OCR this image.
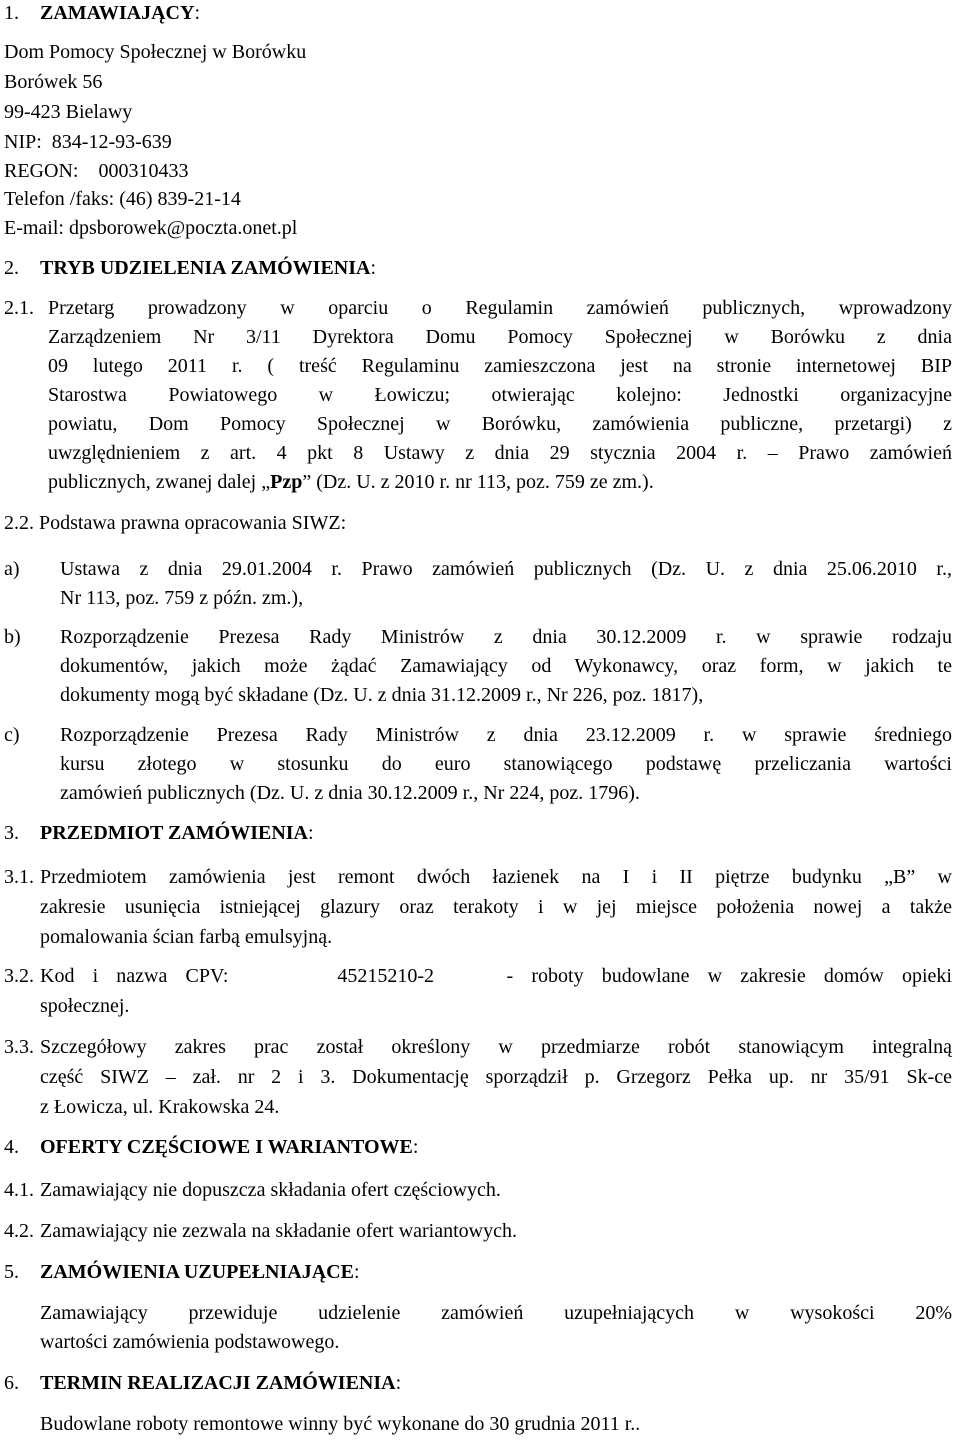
1. ZAMAWIAJĄCY:
Dom Pomocy Społecznej w Borówku
Borówek 56
99-423 Bielawy
NIP:  834-12-93-639
REGON:    000310433
Telefon /faks: (46) 839-21-14
E-mail: dpsborowek@poczta.onet.pl
2. TRYB UDZIELENIA ZAMÓWIENIA:
2.1. Przetarg prowadzony w oparciu o Regulamin zamówień publicznych, wprowadzony
Zarządzeniem Nr 3/11 Dyrektora Domu Pomocy Społecznej w Borówku z dnia
09 lutego 2011 r. ( treść Regulaminu zamieszczona jest na stronie internetowej BIP
Starostwa Powiatowego w Łowiczu; otwierając kolejno: Jednostki organizacyjne
powiatu, Dom Pomocy Społecznej w Borówku, zamówienia publiczne, przetargi) z
uwzględnieniem z art. 4 pkt 8 Ustawy z dnia 29 stycznia 2004 r. – Prawo zamówień
publicznych, zwanej dalej „Pzp” (Dz. U. z 2010 r. nr 113, poz. 759 ze zm.).
2.2. Podstawa prawna opracowania SIWZ:
a) Ustawa z dnia 29.01.2004 r. Prawo zamówień publicznych (Dz. U. z dnia 25.06.2010 r.,
Nr 113, poz. 759 z późn. zm.),
b) Rozporządzenie Prezesa Rady Ministrów z dnia 30.12.2009 r. w sprawie rodzaju
dokumentów, jakich może żądać Zamawiający od Wykonawcy, oraz form, w jakich te
dokumenty mogą być składane (Dz. U. z dnia 31.12.2009 r., Nr 226, poz. 1817),
c) Rozporządzenie Prezesa Rady Ministrów z dnia 23.12.2009 r. w sprawie średniego
kursu złotego w stosunku do euro stanowiącego podstawę przeliczania wartości
zamówień publicznych (Dz. U. z dnia 30.12.2009 r., Nr 224, poz. 1796).
3. PRZEDMIOT ZAMÓWIENIA:
3.1. Przedmiotem zamówienia jest remont dwóch łazienek na I i II piętrze budynku „B” w
zakresie usunięcia istniejącej glazury oraz terakoty i w jej miejsce położenia nowej a także
pomalowania ścian farbą emulsyjną.
3.2. Kod i nazwa CPV:      45215210-2    - roboty budowlane w zakresie domów opieki
społecznej.
3.3. Szczegółowy zakres prac został określony w przedmiarze robót stanowiącym integralną
część SIWZ – zał. nr 2 i 3. Dokumentację sporządził p. Grzegorz Pełka up. nr 35/91 Sk-ce
z Łowicza, ul. Krakowska 24.
4. OFERTY CZĘŚCIOWE I WARIANTOWE:
4.1. Zamawiający nie dopuszcza składania ofert częściowych.
4.2. Zamawiający nie zezwala na składanie ofert wariantowych.
5. ZAMÓWIENIA UZUPEŁNIAJĄCE:
Zamawiający przewiduje udzielenie zamówień uzupełniających w wysokości 20%
wartości zamówienia podstawowego.
6. TERMIN REALIZACJI ZAMÓWIENIA:
Budowlane roboty remontowe winny być wykonane do 30 grudnia 2011 r..
